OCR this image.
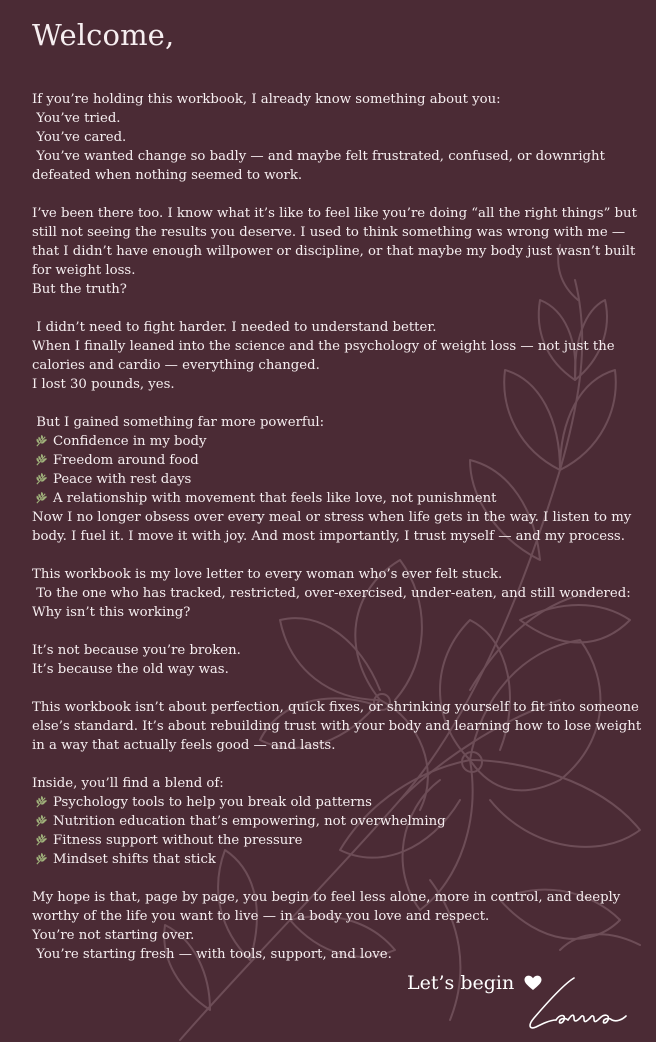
Welcome,
If you’re holding this workbook, I already know something about you:
You’ve tried.
You’ve cared.
You’ve wanted change so badly — and maybe felt frustrated, confused, or downright defeated when nothing seemed to work.
I’ve been there too. I know what it’s like to feel like you’re doing “all the right things” but still not seeing the results you deserve. I used to think something was wrong with me — that I didn’t have enough willpower or discipline, or that maybe my body just wasn’t built for weight loss.
But the truth?
I didn’t need to fight harder. I needed to understand better.
When I finally leaned into the science and the psychology of weight loss — not just the calories and cardio — everything changed.
I lost 30 pounds, yes.
But I gained something far more powerful:
Confidence in my body
Freedom around food
Peace with rest days
A relationship with movement that feels like love, not punishment
Now I no longer obsess over every meal or stress when life gets in the way. I listen to my body. I fuel it. I move it with joy. And most importantly, I trust myself — and my process.
This workbook is my love letter to every woman who’s ever felt stuck.
To the one who has tracked, restricted, over-exercised, under-eaten, and still wondered: Why isn’t this working?
It’s not because you’re broken.
It’s because the old way was.
This workbook isn’t about perfection, quick fixes, or shrinking yourself to fit into someone else’s standard. It’s about rebuilding trust with your body and learning how to lose weight in a way that actually feels good — and lasts.
Inside, you’ll find a blend of:
Psychology tools to help you break old patterns
Nutrition education that’s empowering, not overwhelming
Fitness support without the pressure
Mindset shifts that stick
My hope is that, page by page, you begin to feel less alone, more in control, and deeply worthy of the life you want to live — in a body you love and respect.
You’re not starting over.
You’re starting fresh — with tools, support, and love.
Let’s begin
